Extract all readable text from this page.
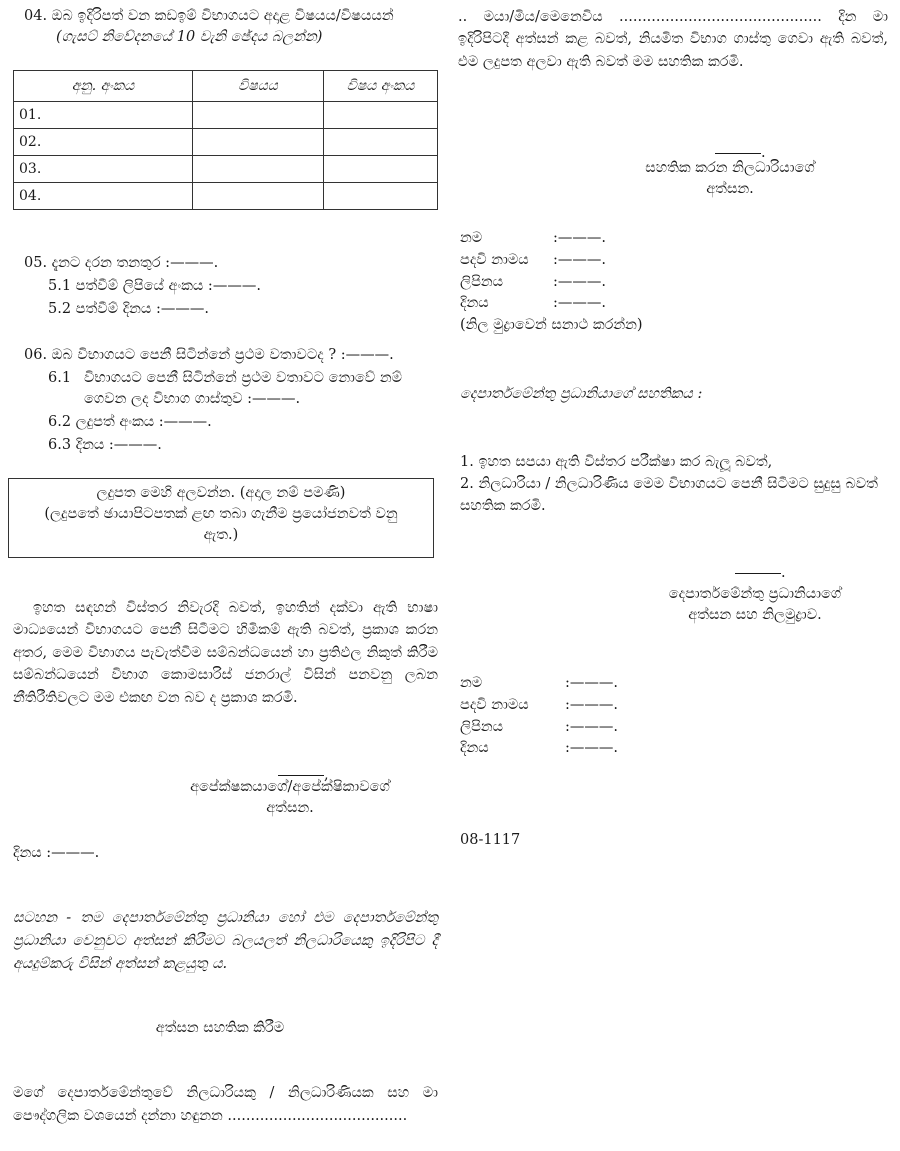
04. ඔබ ඉදිරිපත් වන කඩඉම් විභාගයට අදාළ විෂයය/විෂයයන්
(ගැසට් නිවේදනයේ 10 වැනි ඡේදය බලන්න)
අනු. අංකය	විෂයය	විෂය අංකය
01.		
02.		
03.		
04.		
05. දැනට දරන තනතුර :———.
5.1 පත්වීම් ලිපියේ අංකය :———.
5.2 පත්වීම් දිනය :———.
06. ඔබ විභාගයට පෙනී සිටින්නේ ප්‍රථම වතාවටද ? :———.
6.1 විභාගයට පෙනී සිටින්නේ ප්‍රථම වතාවට නොවේ නම් ගෙවන ලද විභාග ගාස්තුව :———.
6.2 ලදුපත් අංකය :———.
6.3 දිනය :———.
ලදුපත මෙහි අලවන්න. (අදාල නම් පමණි)
(ලදුපතේ ඡායාපිටපතක් ළඟ තබා ගැනීම ප්‍රයෝජනවත් වනු ඇත.)
ඉහත සඳහන් විස්තර නිවැරදි බවත්, ඉහතින් දක්වා ඇති භාෂා මාධ්‍යයෙන් විභාගයට පෙනී සිටීමට හිමිකම් ඇති බවත්, ප්‍රකාශ කරන අතර, මෙම විභාගය පැවැත්වීම සම්බන්ධයෙන් හා ප්‍රතිඵල නිකුත් කිරීම සම්බන්ධයෙන් විභාග කොමසාරිස් ජනරාල් විසින් පනවනු ලබන නීතිරීතිවලට මම එකඟ වන බව ද ප්‍රකාශ කරමි.
,
අපේක්ෂකයාගේ/අපේක්ෂිකාවගේ
අත්සන.
දිනය :———.
සටහන - තම දෙපාර්තමේන්තු ප්‍රධානියා හෝ එම දෙපාර්තමේන්තු ප්‍රධානියා වෙනුවට අත්සන් කිරීමට බලයලත් නිලධාරියෙකු ඉදිරිපිට දී අයදුම්කරු විසින් අත්සන් කළයුතු ය.
අත්සන සහතික කිරීම
මගේ දෙපාර්තමේන්තුවේ නිලධාරියකු / නිලධාරිණියක සහ මා පෞද්ගලික වශයෙන් දන්නා හඳුනන .......................................
.. මයා/මිය/මෙනෙවිය ............................................ දින මා ඉදිරිපිටදී අත්සන් කළ බවත්, නියමිත විභාග ගාස්තු ගෙවා ඇති බවත්, එම ලදුපත අලවා ඇති බවත් මම සහතික කරමි.
.
සහතික කරන නිලධාරියාගේ
අත්සන.
නම	:———.
පදවි නාමය	:———.
ලිපිනය	:———.
දිනය	:———.
(නිල මුද්‍රාවෙන් සනාථ කරන්න)
දෙපාර්තමේන්තු ප්‍රධානියාගේ සහතිකය :
1. ඉහත සපයා ඇති විස්තර පරීක්ෂා කර බැලූ බවත්,
2. නිලධාරියා / නිලධාරිණිය මෙම විභාගයට පෙනී සිටීමට සුදුසු බවත් සහතික කරමි.
.
දෙපාර්තමේන්තු ප්‍රධානියාගේ
අත්සන සහ නිලමුද්‍රාව.
නම	:———.
පදවි නාමය	:———.
ලිපිනය	:———.
දිනය	:———.
08-1117
